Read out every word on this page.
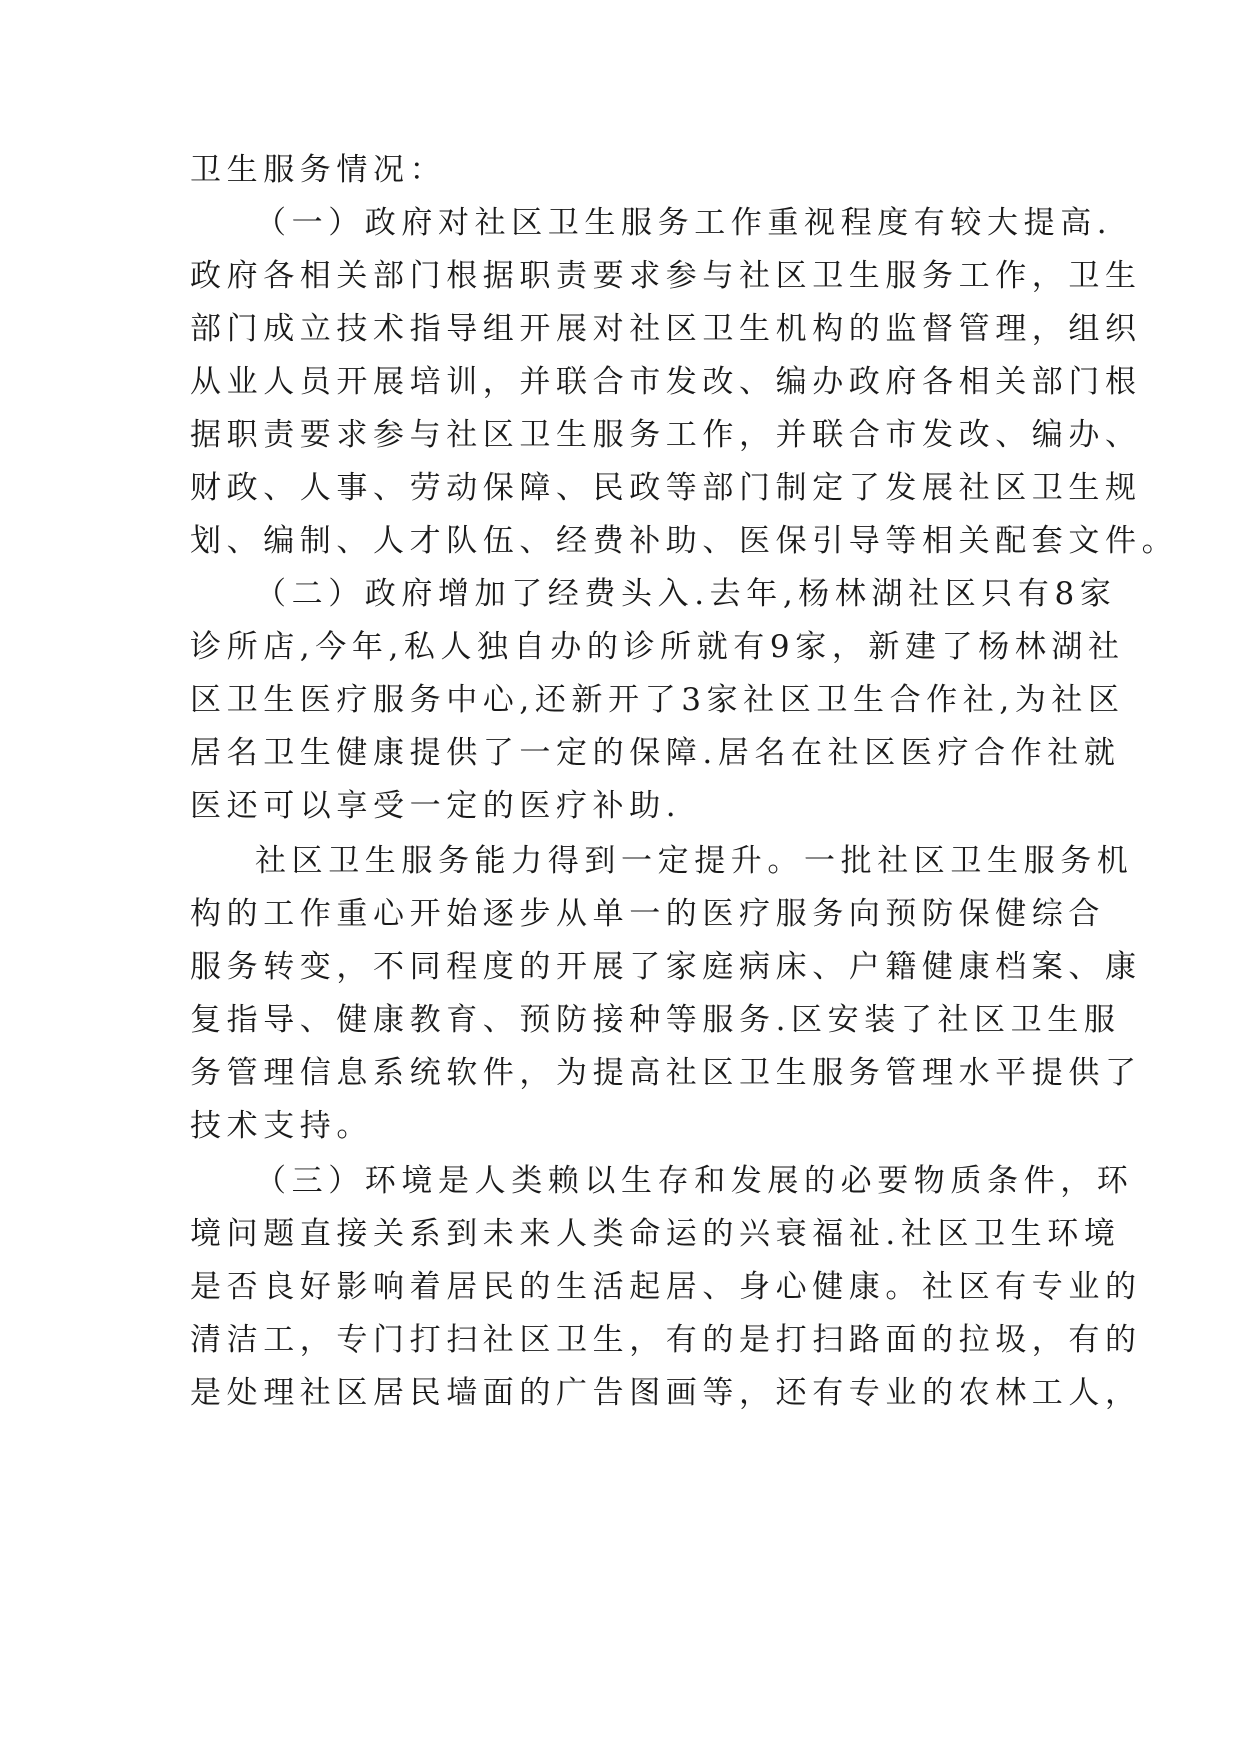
卫生服务情况：
（一）政府对社区卫生服务工作重视程度有较大提高.
政府各相关部门根据职责要求参与社区卫生服务工作，卫生
部门成立技术指导组开展对社区卫生机构的监督管理，组织
从业人员开展培训，并联合市发改、编办政府各相关部门根
据职责要求参与社区卫生服务工作，并联合市发改、编办、
财政、人事、劳动保障、民政等部门制定了发展社区卫生规
划、编制、人才队伍、经费补助、医保引导等相关配套文件。
（二）政府增加了经费头入.去年,杨林湖社区只有8家
诊所店,今年,私人独自办的诊所就有9家，新建了杨林湖社
区卫生医疗服务中心,还新开了3家社区卫生合作社,为社区
居名卫生健康提供了一定的保障.居名在社区医疗合作社就
医还可以享受一定的医疗补助.
社区卫生服务能力得到一定提升。一批社区卫生服务机
构的工作重心开始逐步从单一的医疗服务向预防保健综合
服务转变，不同程度的开展了家庭病床、户籍健康档案、康
复指导、健康教育、预防接种等服务.区安装了社区卫生服
务管理信息系统软件，为提高社区卫生服务管理水平提供了
技术支持。
（三）环境是人类赖以生存和发展的必要物质条件，环
境问题直接关系到未来人类命运的兴衰福祉.社区卫生环境
是否良好影响着居民的生活起居、身心健康。社区有专业的
清洁工，专门打扫社区卫生，有的是打扫路面的拉圾，有的
是处理社区居民墙面的广告图画等，还有专业的农林工人，
